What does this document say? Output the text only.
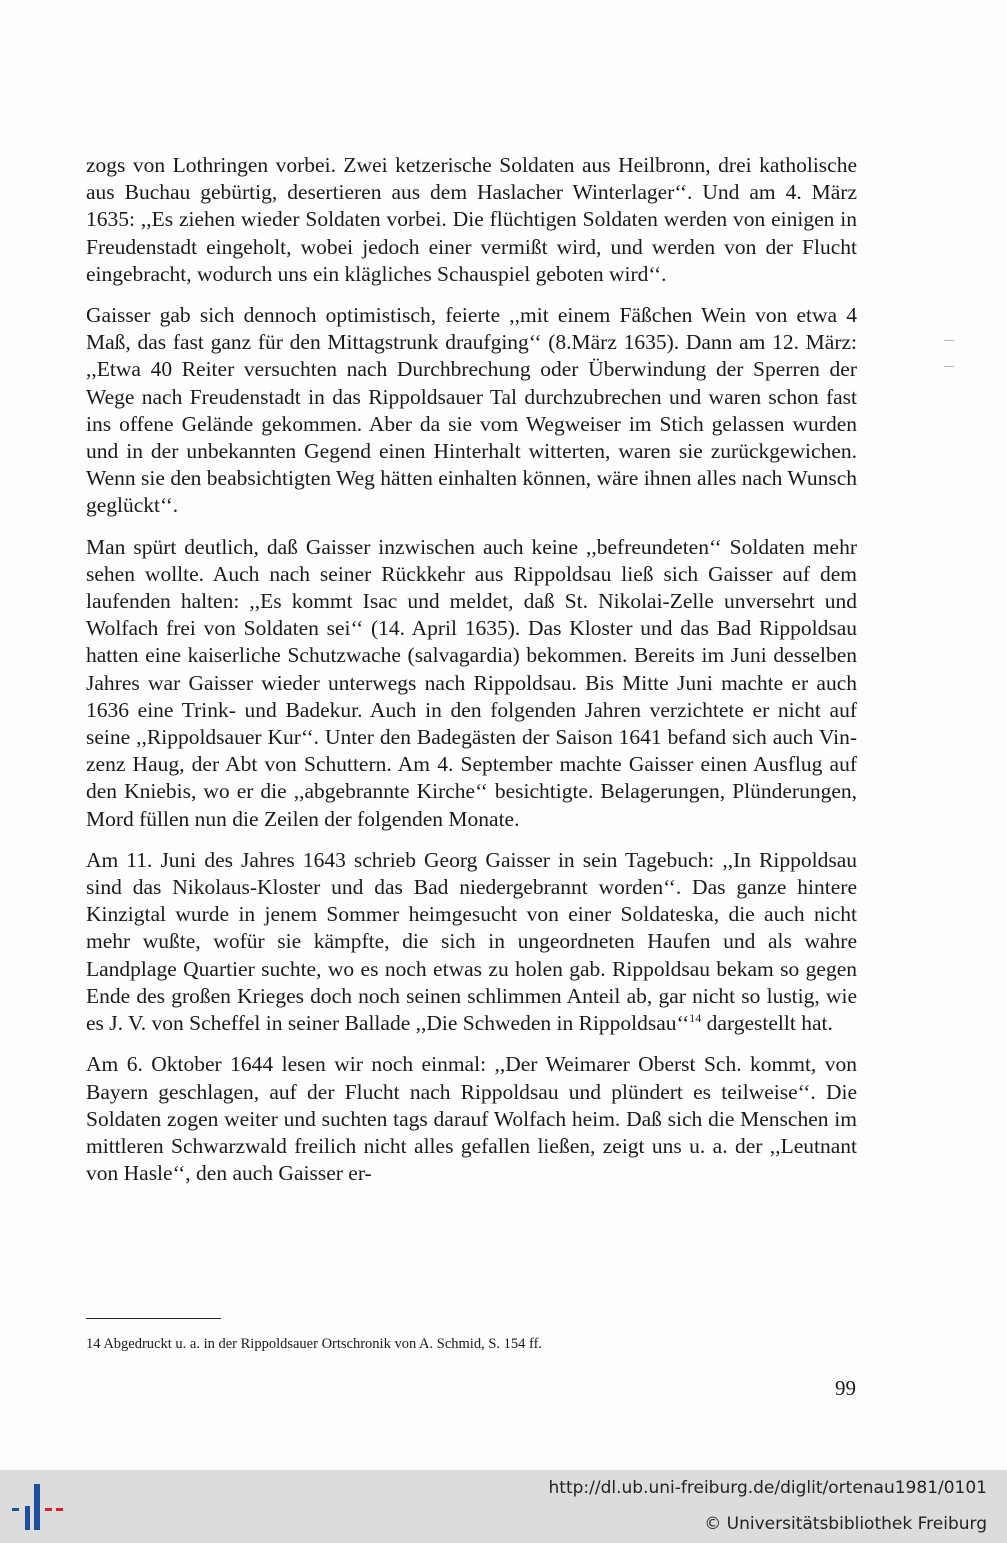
zogs von Lothringen vorbei. Zwei ketzerische Soldaten aus Heilbronn, drei katholische aus Buchau gebürtig, desertieren aus dem Haslacher Winterlager‘‘. Und am 4. März 1635: ,,Es ziehen wieder Soldaten vorbei. Die flüchtigen Soldaten werden von einigen in Freudenstadt eingeholt, wobei jedoch einer vermißt wird, und werden von der Flucht eingebracht, wodurch uns ein klägliches Schauspiel geboten wird‘‘.

Gaisser gab sich dennoch optimistisch, feierte ,,mit einem Fäßchen Wein von etwa 4 Maß, das fast ganz für den Mittagstrunk draufging‘‘ (8.März 1635). Dann am 12. März: ,,Etwa 40 Reiter versuchten nach Durchbrechung oder Überwindung der Sperren der Wege nach Freudenstadt in das Rippoldsauer Tal durchzubrechen und waren schon fast ins offene Gelände gekommen. Aber da sie vom Wegweiser im Stich gelassen wurden und in der unbekannten Gegend einen Hinterhalt witterten, waren sie zurückgewichen. Wenn sie den beabsichtigten Weg hätten einhalten können, wäre ihnen alles nach Wunsch geglückt‘‘.

Man spürt deutlich, daß Gaisser inzwischen auch keine ,,befreundeten‘‘ Soldaten mehr sehen wollte. Auch nach seiner Rückkehr aus Rippoldsau ließ sich Gaisser auf dem laufenden halten: ,,Es kommt Isac und meldet, daß St. Nikolai-Zelle unversehrt und Wolfach frei von Soldaten sei‘‘ (14. April 1635). Das Kloster und das Bad Rippoldsau hatten eine kaiserliche Schutzwache (salvagardia) bekommen. Bereits im Juni desselben Jahres war Gaisser wieder unterwegs nach Rippoldsau. Bis Mitte Juni machte er auch 1636 eine Trink- und Badekur. Auch in den folgenden Jahren verzichtete er nicht auf seine ,,Rippoldsauer Kur‘‘. Unter den Badegästen der Saison 1641 befand sich auch Vinzenz Haug, der Abt von Schuttern. Am 4. September machte Gaisser einen Ausflug auf den Kniebis, wo er die ,,abgebrannte Kirche‘‘ besichtigte. Belagerungen, Plünderungen, Mord füllen nun die Zeilen der folgenden Monate.

Am 11. Juni des Jahres 1643 schrieb Georg Gaisser in sein Tagebuch: ,,In Rippoldsau sind das Nikolaus-Kloster und das Bad niedergebrannt worden‘‘. Das ganze hintere Kinzigtal wurde in jenem Sommer heimgesucht von einer Soldateska, die auch nicht mehr wußte, wofür sie kämpfte, die sich in ungeordneten Haufen und als wahre Landplage Quartier suchte, wo es noch etwas zu holen gab. Rippoldsau bekam so gegen Ende des großen Krieges doch noch seinen schlimmen Anteil ab, gar nicht so lustig, wie es J. V. von Scheffel in seiner Ballade ,,Die Schweden in Rippoldsau‘‘$^{14}$ dargestellt hat.

Am 6. Oktober 1644 lesen wir noch einmal: ,,Der Weimarer Oberst Sch. kommt, von Bayern geschlagen, auf der Flucht nach Rippoldsau und plündert es teilweise‘‘. Die Soldaten zogen weiter und suchten tags darauf Wolfach heim. Daß sich die Menschen im mittleren Schwarzwald freilich nicht alles gefallen ließen, zeigt uns u. a. der ,,Leutnant von Hasle‘‘, den auch Gaisser er-

14 Abgedruckt u. a. in der Rippoldsauer Ortschronik von A. Schmid, S. 154 ff.

99

http://dl.ub.uni-freiburg.de/diglit/ortenau1981/0101
© Universitätsbibliothek Freiburg
